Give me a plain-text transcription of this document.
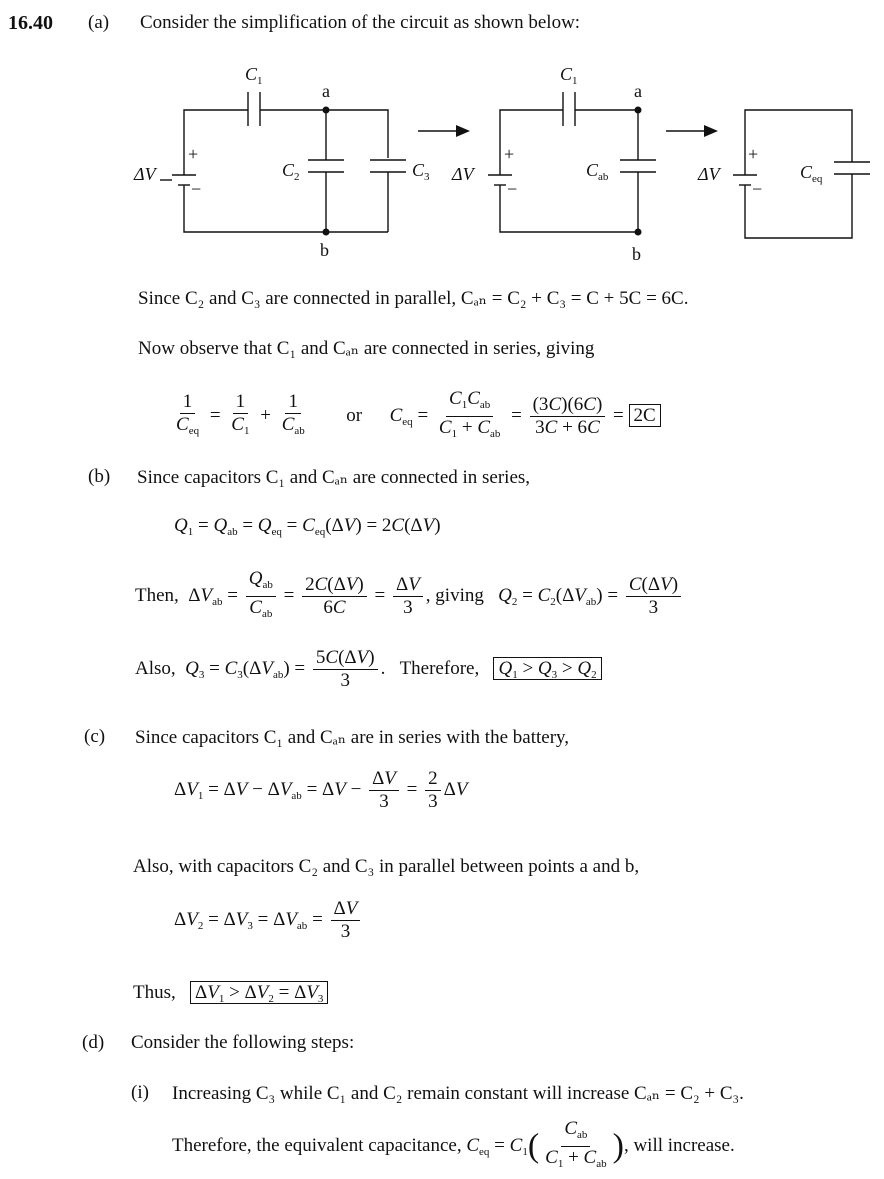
16.40 (a) Consider the simplification of the circuit as shown below:
$C_1$	$C_1$
a	a
b	b
ΔV	ΔV	ΔV
+	+	+
−	−	−
$C_2$	$C_3$	$C_{ab}$	$C_{eq}$
Since C₂ and C₃ are connected in parallel, Cₐₙ = C₂ + C₃ = C + 5C = 6C.
Now observe that C₁ and Cₐₙ are connected in series, giving
$\frac{1}{C_{eq}} = \frac{1}{C_1} + \frac{1}{C_{ab}}$ or $C_{eq} = \frac{C_1C_{ab}}{C_1 + C_{ab}} = \frac{(3C)(6C)}{3C + 6C} = 2C$
(b) Since capacitors C₁ and Cₐₙ are connected in series,
$Q_1 = Q_{ab} = Q_{eq} = C_{eq}(\Delta V) = 2C(\Delta V)$
Then,  $\Delta V_{ab} = \frac{Q_{ab}}{C_{ab}} = \frac{2C(\Delta V)}{6C} = \frac{\Delta V}{3}$ , giving $Q_2 = C_2(\Delta V_{ab}) = \frac{C(\Delta V)}{3}$
Also, $Q_3 = C_3(\Delta V_{ab}) = \frac{5C(\Delta V)}{3}$ .   Therefore, $Q_1 > Q_3 > Q_2$
(c) Since capacitors C₁ and Cₐₙ are in series with the battery,
$\Delta V_1 = \Delta V - \Delta V_{ab} = \Delta V - \frac{\Delta V}{3} = \frac{2}{3}$ ΔV
Also, with capacitors C₂ and C₃ in parallel between points a and b,
$\Delta V_2 = \Delta V_3 = \Delta V_{ab} = \frac{\Delta V}{3}$
Thus, $\Delta V_1 > \Delta V_2 = \Delta V_3$
(d) Consider the following steps:
(i) Increasing C₃ while C₁ and C₂ remain constant will increase Cₐₙ = C₂ + C₃.
Therefore, the equivalent capacitance, $C_{eq} = C_1( \frac{C_{ab}}{C_1 + C_{ab}}$ ), will increase.
